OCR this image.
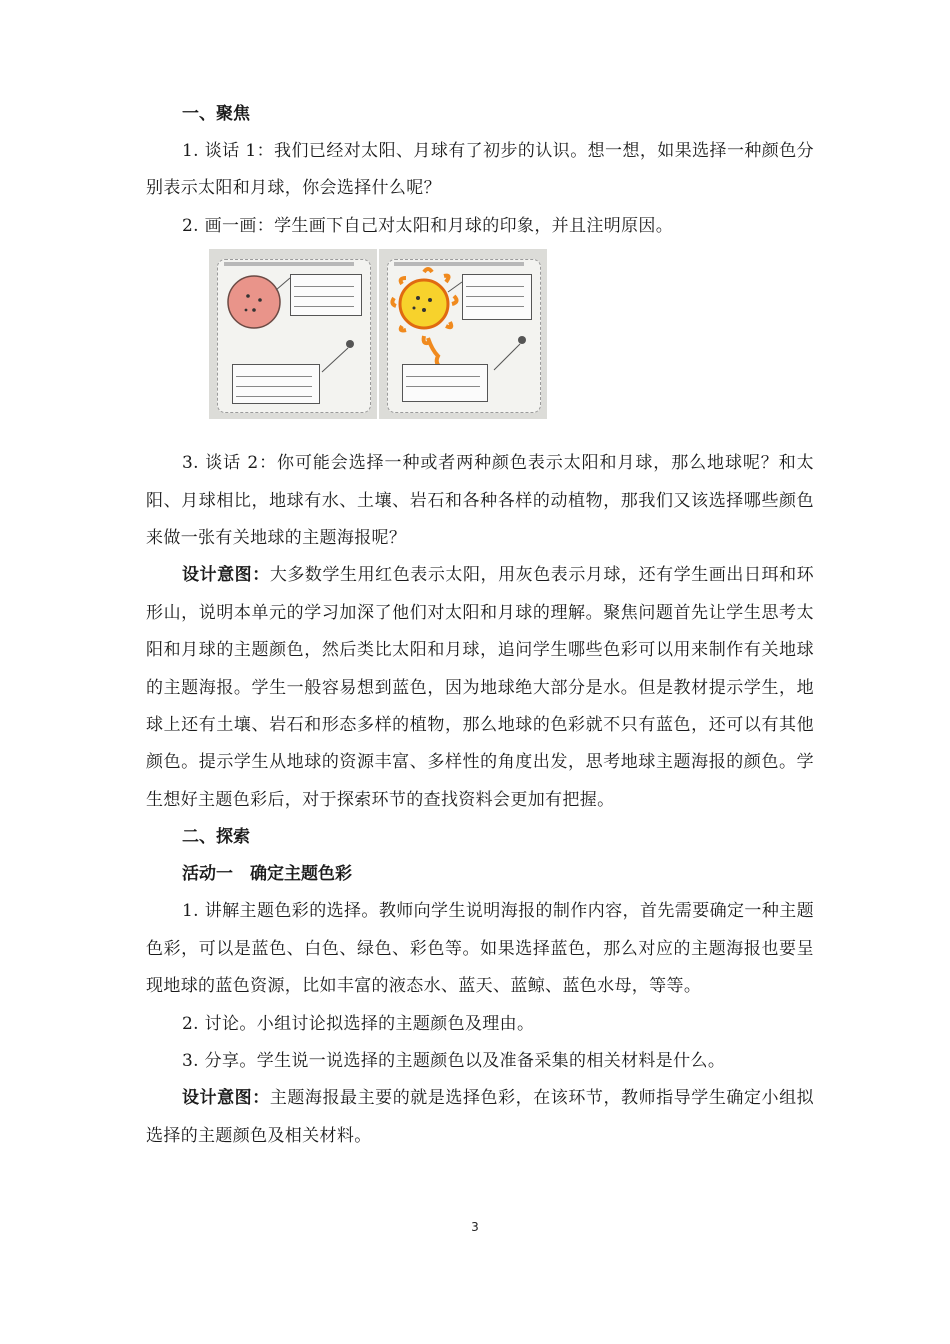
一、聚焦

1. 谈话 1：我们已经对太阳、月球有了初步的认识。想一想，如果选择一种颜色分别表示太阳和月球，你会选择什么呢？

2. 画一画：学生画下自己对太阳和月球的印象，并且注明原因。

3. 谈话 2：你可能会选择一种或者两种颜色表示太阳和月球，那么地球呢？和太阳、月球相比，地球有水、土壤、岩石和各种各样的动植物，那我们又该选择哪些颜色来做一张有关地球的主题海报呢？

设计意图：大多数学生用红色表示太阳，用灰色表示月球，还有学生画出日珥和环形山，说明本单元的学习加深了他们对太阳和月球的理解。聚焦问题首先让学生思考太阳和月球的主题颜色，然后类比太阳和月球，追问学生哪些色彩可以用来制作有关地球的主题海报。学生一般容易想到蓝色，因为地球绝大部分是水。但是教材提示学生，地球上还有土壤、岩石和形态多样的植物，那么地球的色彩就不只有蓝色，还可以有其他颜色。提示学生从地球的资源丰富、多样性的角度出发，思考地球主题海报的颜色。学生想好主题色彩后，对于探索环节的查找资料会更加有把握。

二、探索
活动一　确定主题色彩

1. 讲解主题色彩的选择。教师向学生说明海报的制作内容，首先需要确定一种主题色彩，可以是蓝色、白色、绿色、彩色等。如果选择蓝色，那么对应的主题海报也要呈现地球的蓝色资源，比如丰富的液态水、蓝天、蓝鲸、蓝色水母，等等。

2. 讨论。小组讨论拟选择的主题颜色及理由。

3. 分享。学生说一说选择的主题颜色以及准备采集的相关材料是什么。

设计意图：主题海报最主要的就是选择色彩，在该环节，教师指导学生确定小组拟选择的主题颜色及相关材料。

3
